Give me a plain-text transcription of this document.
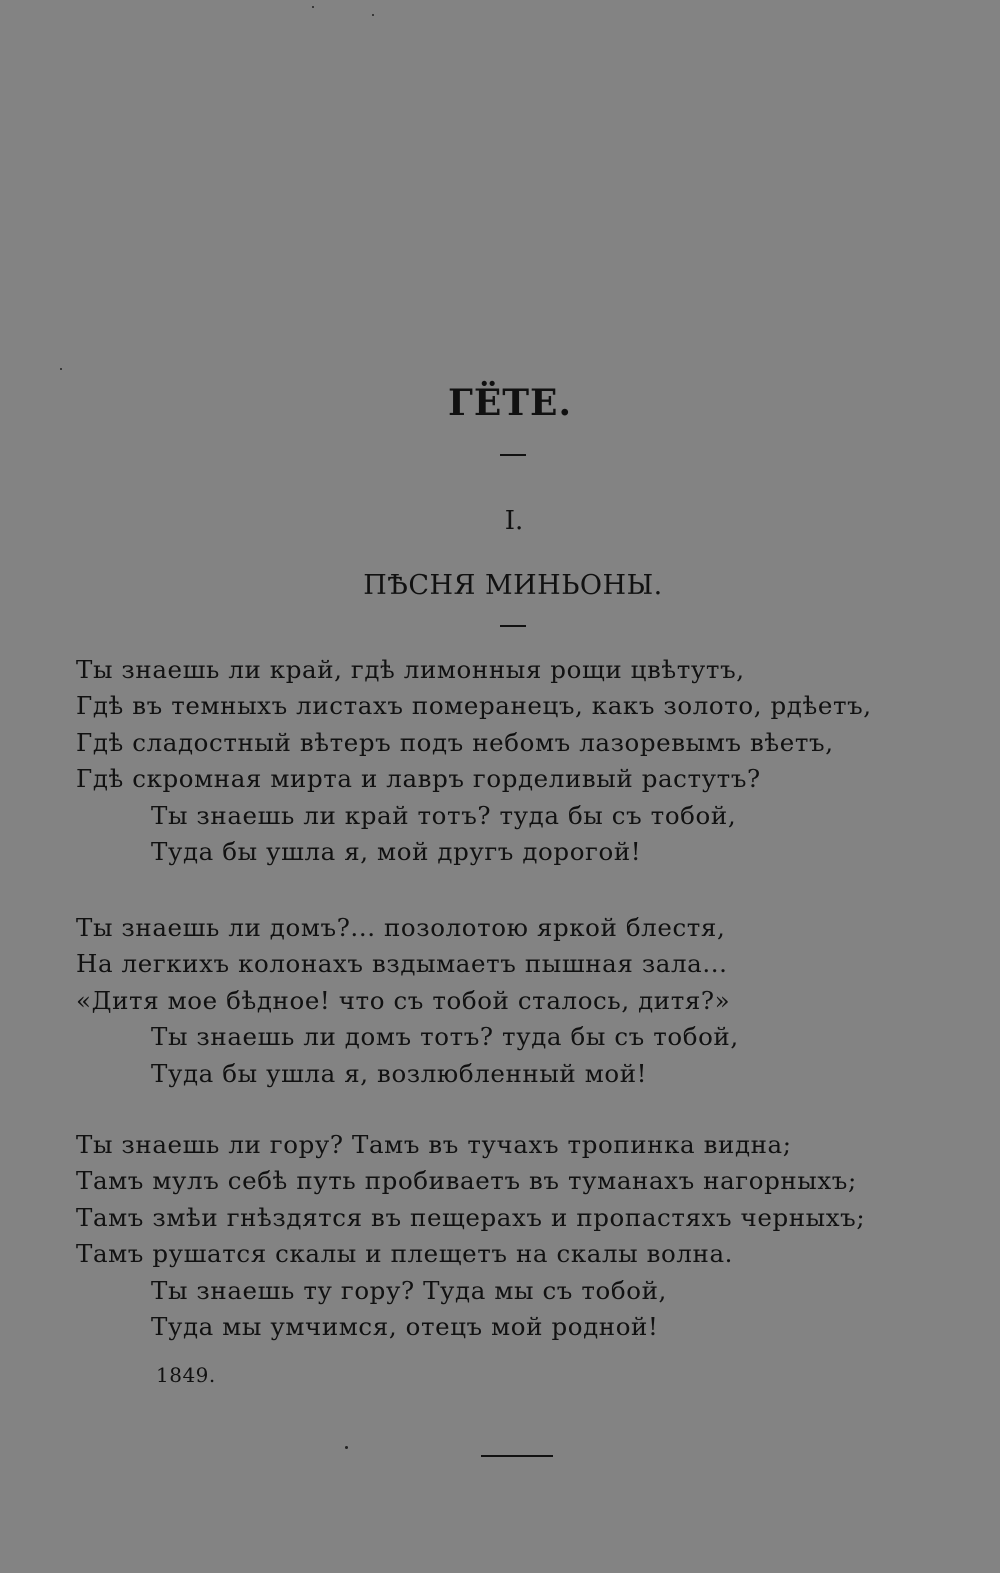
ГЁТЕ.
I.
ПѢСНЯ МИНЬОНЫ.
Ты знаешь ли край, гдѣ лимонныя рощи цвѣтутъ,
Гдѣ въ темныхъ листахъ померанецъ, какъ золото, рдѣетъ,
Гдѣ сладостный вѣтеръ подъ небомъ лазоревымъ вѣетъ,
Гдѣ скромная мирта и лавръ горделивый растутъ?
Ты знаешь ли край тотъ? туда бы съ тобой,
Туда бы ушла я, мой другъ дорогой!
Ты знаешь ли домъ?... позолотою яркой блестя,
На легкихъ колонахъ вздымаетъ пышная зала...
«Дитя мое бѣдное! что съ тобой сталось, дитя?»
Ты знаешь ли домъ тотъ? туда бы съ тобой,
Туда бы ушла я, возлюбленный мой!
Ты знаешь ли гору? Тамъ въ тучахъ тропинка видна;
Тамъ мулъ себѣ путь пробиваетъ въ туманахъ нагорныхъ;
Тамъ змѣи гнѣздятся въ пещерахъ и пропастяхъ черныхъ;
Тамъ рушатся скалы и плещетъ на скалы волна.
Ты знаешь ту гору? Туда мы съ тобой,
Туда мы умчимся, отецъ мой родной!
1849.
